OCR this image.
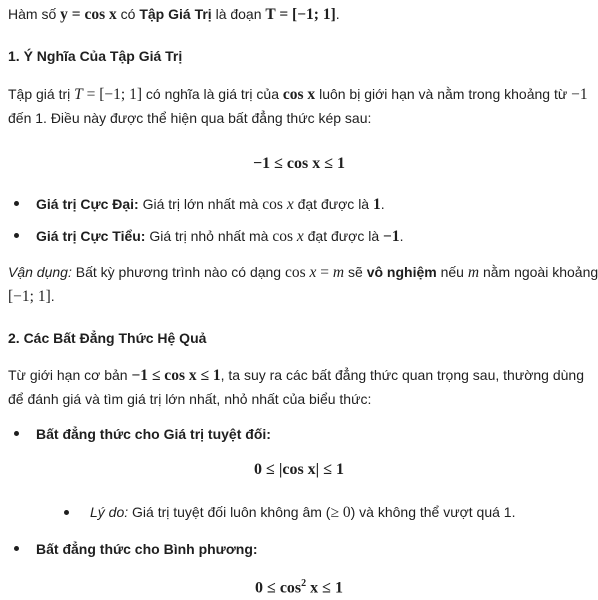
Hàm số y = cos x có Tập Giá Trị là đoạn T = [−1; 1].
1. Ý Nghĩa Của Tập Giá Trị
Tập giá trị T = [−1; 1] có nghĩa là giá trị của cos x luôn bị giới hạn và nằm trong khoảng từ −1
đến 1. Điều này được thể hiện qua bất đẳng thức kép sau:
−1 ≤ cos x ≤ 1
Giá trị Cực Đại: Giá trị lớn nhất mà cos x đạt được là 1.
Giá trị Cực Tiểu: Giá trị nhỏ nhất mà cos x đạt được là −1.
Vận dụng: Bất kỳ phương trình nào có dạng cos x = m sẽ vô nghiệm nếu m nằm ngoài khoảng
[−1; 1].
2. Các Bất Đẳng Thức Hệ Quả
Từ giới hạn cơ bản −1 ≤ cos x ≤ 1, ta suy ra các bất đẳng thức quan trọng sau, thường dùng
để đánh giá và tìm giá trị lớn nhất, nhỏ nhất của biểu thức:
Bất đẳng thức cho Giá trị tuyệt đối:
0 ≤ |cos x| ≤ 1
Lý do: Giá trị tuyệt đối luôn không âm (≥ 0) và không thể vượt quá 1.
Bất đẳng thức cho Bình phương:
$0 \le \cos^2 x \le 1$
